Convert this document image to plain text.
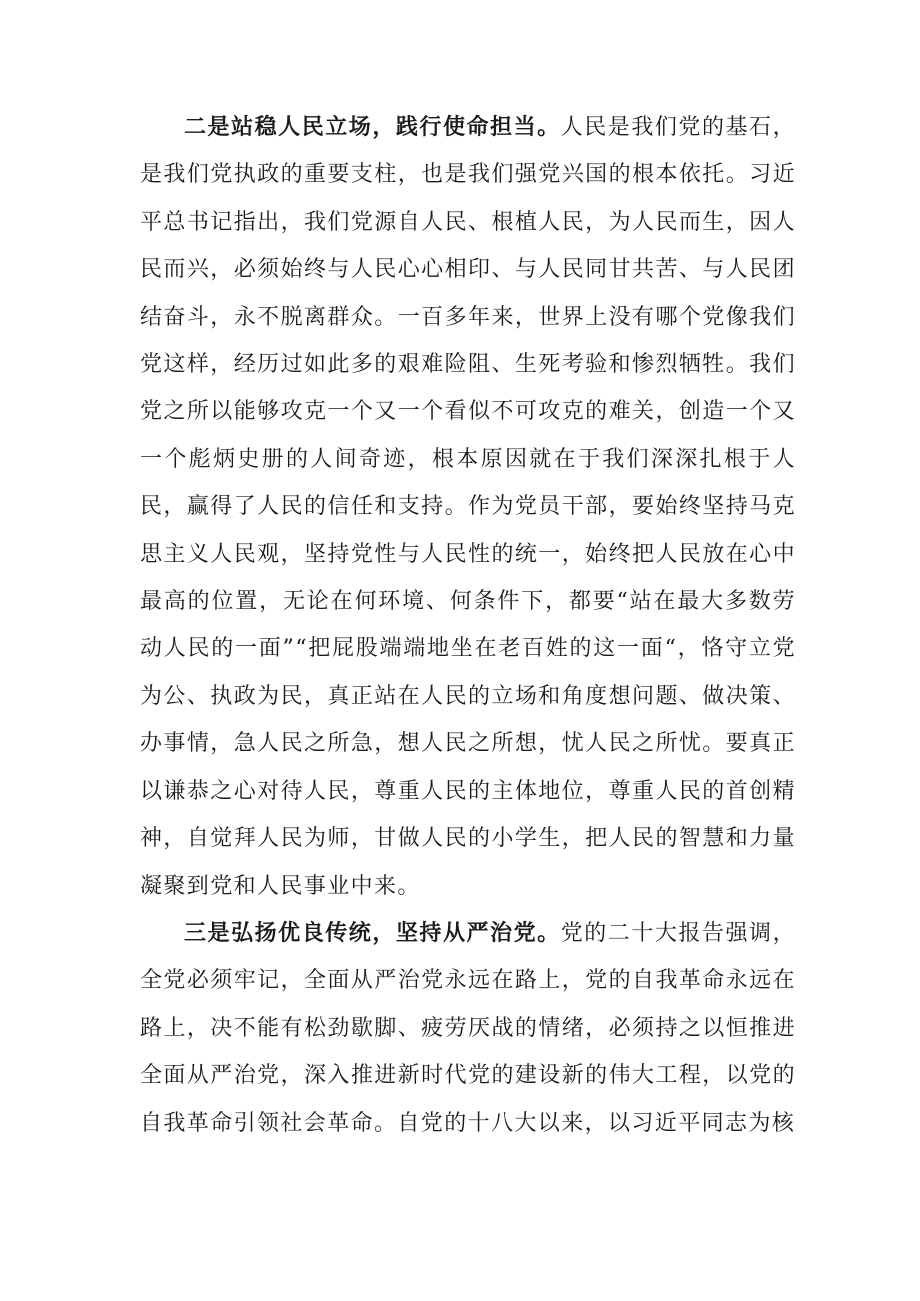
二是站稳人民立场，践行使命担当。人民是我们党的基石，是我们党执政的重要支柱，也是我们强党兴国的根本依托。习近平总书记指出，我们党源自人民、根植人民，为人民而生，因人民而兴，必须始终与人民心心相印、与人民同甘共苦、与人民团结奋斗，永不脱离群众。一百多年来，世界上没有哪个党像我们党这样，经历过如此多的艰难险阻、生死考验和惨烈牺牲。我们党之所以能够攻克一个又一个看似不可攻克的难关，创造一个又一个彪炳史册的人间奇迹，根本原因就在于我们深深扎根于人民，赢得了人民的信任和支持。作为党员干部，要始终坚持马克思主义人民观，坚持党性与人民性的统一，始终把人民放在心中最高的位置，无论在何环境、何条件下，都要“站在最大多数劳动人民的一面”“把屁股端端地坐在老百姓的这一面“，恪守立党为公、执政为民，真正站在人民的立场和角度想问题、做决策、办事情，急人民之所急，想人民之所想，忧人民之所忧。要真正以谦恭之心对待人民，尊重人民的主体地位，尊重人民的首创精神，自觉拜人民为师，甘做人民的小学生，把人民的智慧和力量凝聚到党和人民事业中来。

三是弘扬优良传统，坚持从严治党。党的二十大报告强调，全党必须牢记，全面从严治党永远在路上，党的自我革命永远在路上，决不能有松劲歇脚、疲劳厌战的情绪，必须持之以恒推进全面从严治党，深入推进新时代党的建设新的伟大工程，以党的自我革命引领社会革命。自党的十八大以来，以习近平同志为核
